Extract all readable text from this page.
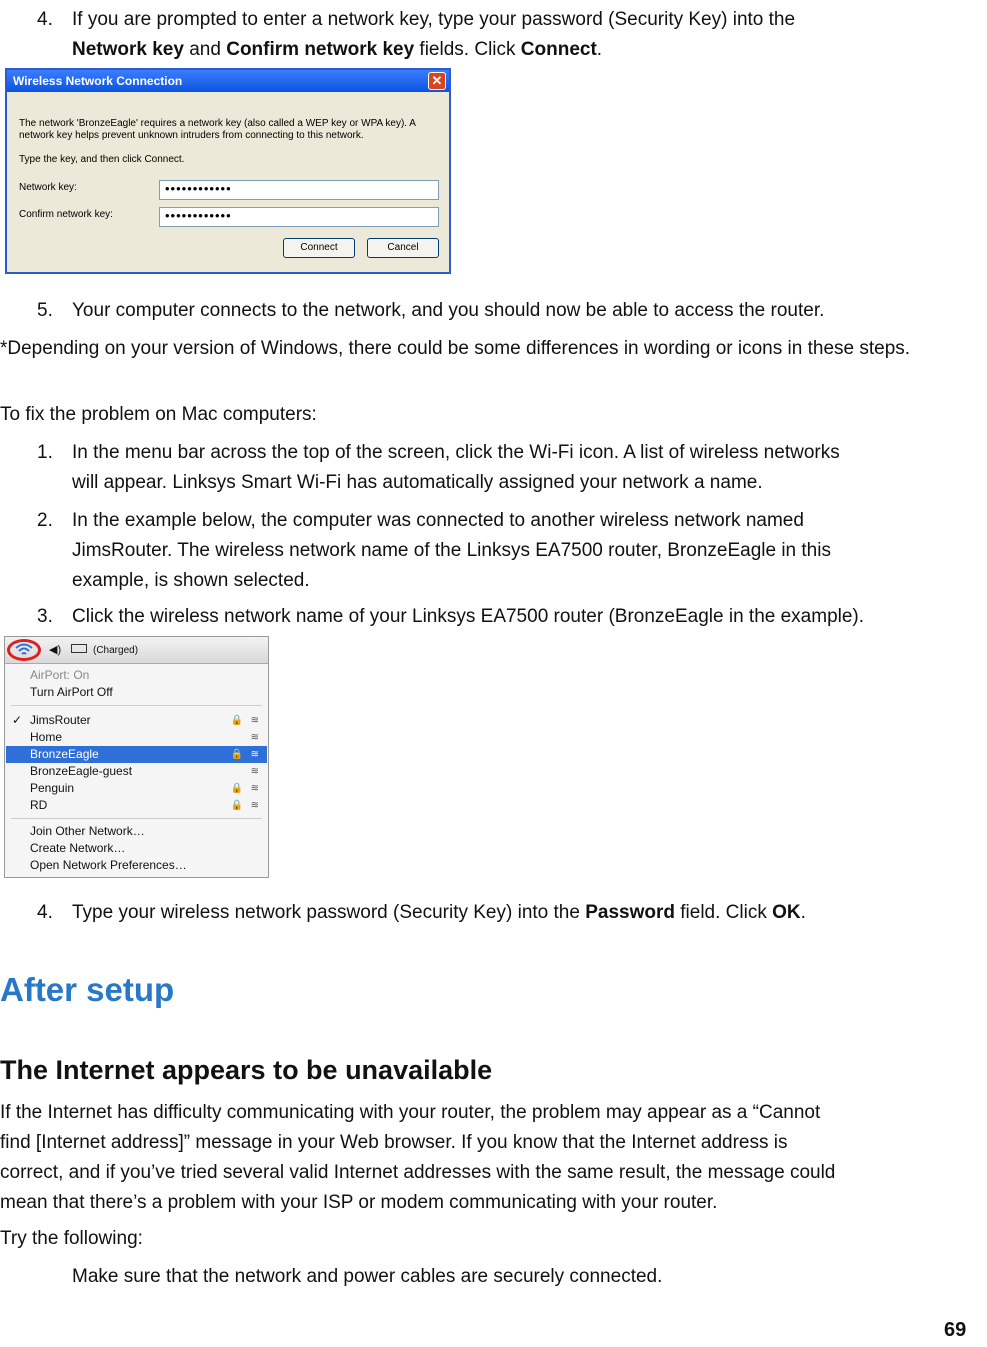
4. If you are prompted to enter a network key, type your password (Security Key) into the
Network key and Confirm network key fields. Click Connect.
Wireless Network Connection	✕
The network 'BronzeEagle' requires a network key (also called a WEP key or WPA key). A network key helps prevent unknown intruders from connecting to this network.
Type the key, and then click Connect.
Network key:	••••••••••••
Confirm network key:	••••••••••••
Connect	Cancel
5. Your computer connects to the network, and you should now be able to access the router.
*Depending on your version of Windows, there could be some differences in wording or icons in these steps.
To fix the problem on Mac computers:
1. In the menu bar across the top of the screen, click the Wi-Fi icon. A list of wireless networks
will appear. Linksys Smart Wi-Fi has automatically assigned your network a name.
2. In the example below, the computer was connected to another wireless network named
JimsRouter. The wireless network name of the Linksys EA7500 router, BronzeEagle in this
example, is shown selected.
3. Click the wireless network name of your Linksys EA7500 router (BronzeEagle in the example).
◀)	(Charged)
AirPort: On
Turn AirPort Off
✓ JimsRouter	🔒 ≋
Home	≋
BronzeEagle	🔒 ≋
BronzeEagle-guest	≋
Penguin	🔒 ≋
RD	🔒 ≋
Join Other Network…
Create Network…
Open Network Preferences…
4. Type your wireless network password (Security Key) into the Password field. Click OK.
After setup
The Internet appears to be unavailable
If the Internet has difficulty communicating with your router, the problem may appear as a “Cannot
find [Internet address]” message in your Web browser. If you know that the Internet address is
correct, and if you’ve tried several valid Internet addresses with the same result, the message could
mean that there’s a problem with your ISP or modem communicating with your router.
Try the following:
Make sure that the network and power cables are securely connected.
69
